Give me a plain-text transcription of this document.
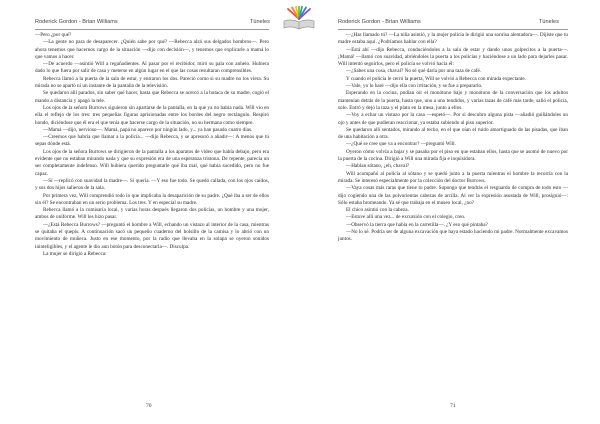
Roderick Gordon - Brian Williams	Túneles

—Pero ¿por qué?

—La gente no para de desaparecer. ¿Quién sabe por qué? —Rebecca alzó sus delgados hombros—. Pero ahora tenemos que hacernos cargo de la situación —dijo con decisión—, y tenemos que explicarle a mamá lo que vamos a hacer.

—De acuerdo —asintió Will a regañadientes. Al pasar por el recibidor, miró su pala con anhelo. Hubiera dado lo que fuera por salir de casa y meterse en algún lugar en el que las cosas resultaran comprensibles.

Rebecca llamó a la puerta de la sala de estar, y entraron los dos. Pareció como si su madre no los viera. Su mirada no se apartó ni un instante de la pantalla de la televisión.

Se quedaron allí parados, sin saber qué hacer, hasta que Rebecca se acercó a la butaca de su madre, cogió el mando a distancia y apagó la tele.

Los ojos de la señora Burrows siguieron sin apartarse de la pantalla, en la que ya no había nada. Will vio en ella el reflejo de los tres: tres pequeñas figuras aprisionadas entre los bordes del negro rectángulo. Respiró hondo, diciéndose que él era el que tenía que hacerse cargo de la situación, no su hermana como siempre.

—Mamá —dijo, nervioso—. Mamá, papá no aparece por ningún lado, y... ya han pasado cuatro días.

—Creemos que habría que llamar a la policía... —dijo Rebecca, y se apresuró a añadir—: A menos que tú sepas dónde está.

Los ojos de la señora Burrows se dirigieron de la pantalla a los aparatos de vídeo que había debajo, pero era evidente que no estaban mirando nada y que su expresión era de una esperanza tristona. De repente, parecía un ser completamente indefenso. Will hubiera querido preguntarle qué iba mal, qué había sucedido, pero no fue capaz.

—Sí —replicó con suavidad la madre—. Sí quería. —Y eso fue todo. Se quedó callada, con los ojos caídos, y sus dos hijos salieron de la sala.

Por primera vez, Will comprendió todo lo que implicaba la desaparición de su padre. ¿Qué iba a ser de ellos sin él? Se encontraban en un serio problema. Los tres. Y en especial su madre.

Rebecca llamó a la comisaría local, y varias horas después llegaron dos policías, un hombre y una mujer, ambos de uniforme. Will les hizo pasar.

—¿Está Rebecca Burrows? —preguntó el hombre a Will, echando un vistazo al interior de la casa, mientras se quitaba el quepis. A continuación sacó un pequeño cuaderno del bolsillo de la camisa y lo abrió con un movimiento de muñeca. Justo en ese momento, por la radio que llevaba en la solapa se oyeron sonidos ininteligibles, y el agente le dio aun botón para desconectarla—. Disculpa.

La mujer se dirigió a Rebecca:

70
Roderick Gordon - Brian Williams	Túneles

—¿Has llamado tú? —La niña asintió, y la mujer policía le dirigió una sonrisa alentadora—. Dijiste que tu madre estaba aquí. ¿Podríamos hablar con ella?

—Está ahí —dijo Rebecca, conduciéndoles a la sala de estar y dando unos golpecitos a la puerta—. ¡Mamá! —llamó con suavidad, abriéndoles la puerta a los policías y haciéndose a un lado para dejarles pasar. Will intentó seguirlos, pero el policía se volvió hacia él:

—¿Sabes una cosa, chaval? No sé qué daría por una taza de café.

Y cuando el policía le cerró la puerta, Will se volvió a Rebecca con mirada expectante.

—Vale, yo lo haré —dijo ella con irritación, y se fue a prepararlo.

Esperando en la cocina, podían oír el monótono bajo y monótono de la conversación que los adultos mantenían detrás de la puerta, hasta que, uno a uno tendidos, y varias tazas de café más tarde, salió el policía, solo. Entró y dejó la taza y el plato en la mesa, junto a ellos.

—Voy a echar un vistazo por la casa —espetó—. Por si descubro alguna pista —añadió guiñándoles un ojo y antes de que pudieran reaccionar, ya estaba subiendo al piso superior.

Se quedaron allí sentados, mirando al techo, en el que oían el ruido amortiguado de las pisadas, que iban de una habitación a otra.

—¿Qué se cree que va a encontrar? —preguntó Will.

Oyeron cómo volvía a bajar y se pasaba por el piso en que estaban ellos, hasta que se asomó de nuevo por la puerta de la cocina. Dirigió a Will una mirada fija e inquisidora.

—Hablan sótano, ¿eh, chaval?

Will acompañó al policía al sótano y se quedó junto a la puerta mientras el hombre la recorría con la mirada. Se interesó especialmente por la colección del doctor Burrows.

—Vaya cosas más raras que tiene tu padre. Supongo que tendrás el resguardo de compra de todo esto —dijo cogiendo una de las polvorientas cabezas de arcilla. Al ver la expresión asustada de Will, prosiguió—: Sólo estaba bromeando. Ya sé que trabaja en el museo local, ¿no?

El chico asintió con la cabeza.

—Estuve allí una vez... de excursión con el colegio, creo.

—Observó la tierra que había en la carretilla—. ¿Y eso qué pintaba?

—No lo sé. Podría ser de alguna excavación que haya estado haciendo mi padre. Normalmente excavamos juntos.

71
